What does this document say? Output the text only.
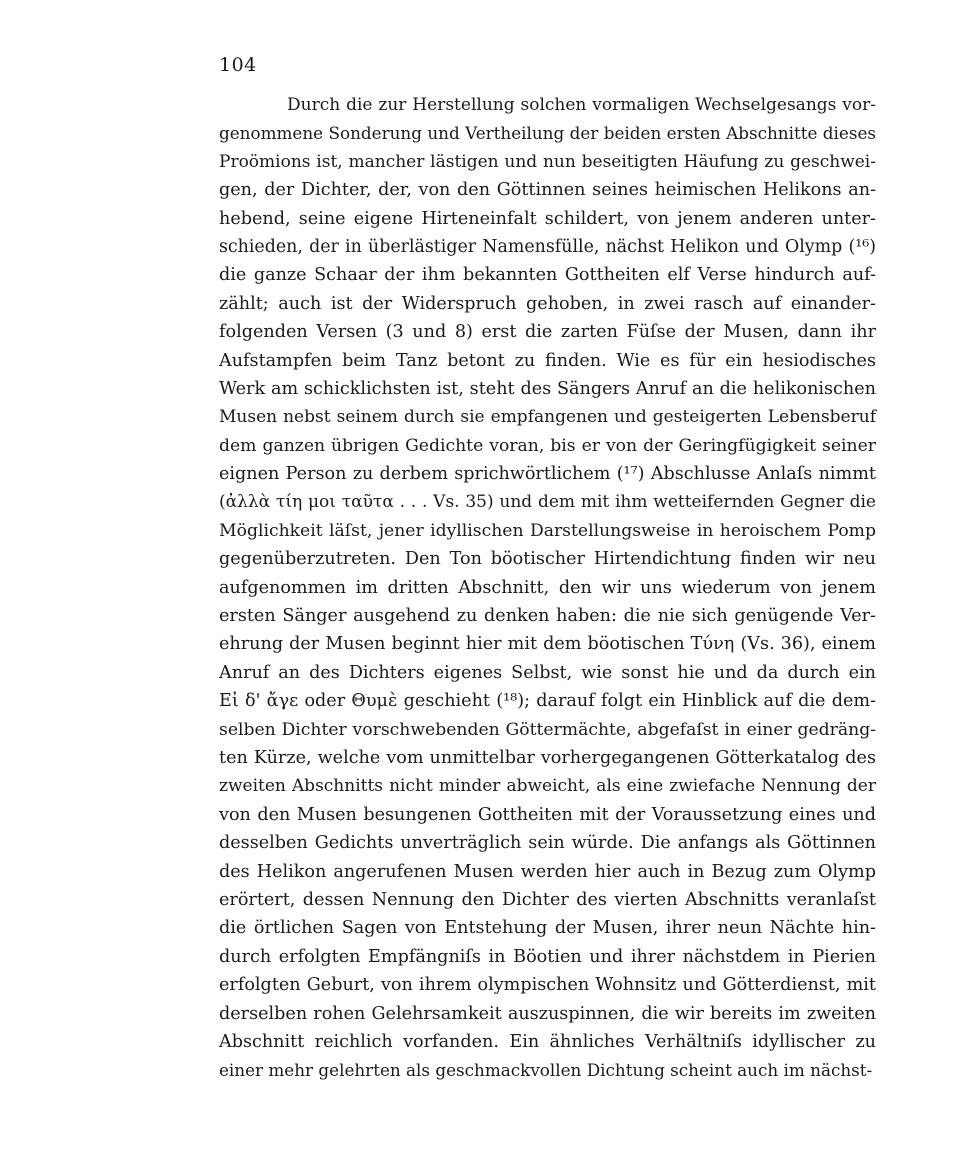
104
Durch die zur Herstellung solchen vormaligen Wechselgesangs vor-
genommene Sonderung und Vertheilung der beiden ersten Abschnitte dieses
Proömions ist, mancher lästigen und nun beseitigten Häufung zu geschwei-
gen, der Dichter, der, von den Göttinnen seines heimischen Helikons an-
hebend, seine eigene Hirteneinfalt schildert, von jenem anderen unter-
schieden, der in überlästiger Namensfülle, nächst Helikon und Olymp (¹⁶)
die ganze Schaar der ihm bekannten Gottheiten elf Verse hindurch auf-
zählt; auch ist der Widerspruch gehoben, in zwei rasch auf einander-
folgenden Versen (3 und 8) erst die zarten Füſse der Musen, dann ihr
Aufstampfen beim Tanz betont zu finden. Wie es für ein hesiodisches
Werk am schicklichsten ist, steht des Sängers Anruf an die helikonischen
Musen nebst seinem durch sie empfangenen und gesteigerten Lebensberuf
dem ganzen übrigen Gedichte voran, bis er von der Geringfügigkeit seiner
eignen Person zu derbem sprichwörtlichem (¹⁷) Abschlusse Anlaſs nimmt
(ἀλλὰ τίη μοι ταῦτα . . . Vs. 35) und dem mit ihm wetteifernden Gegner die
Möglichkeit läſst, jener idyllischen Darstellungsweise in heroischem Pomp
gegenüberzutreten. Den Ton böotischer Hirtendichtung finden wir neu
aufgenommen im dritten Abschnitt, den wir uns wiederum von jenem
ersten Sänger ausgehend zu denken haben: die nie sich genügende Ver-
ehrung der Musen beginnt hier mit dem böotischen Τύνη (Vs. 36), einem
Anruf an des Dichters eigenes Selbst, wie sonst hie und da durch ein
Εἰ δ' ἄγε oder Θυμὲ geschieht (¹⁸); darauf folgt ein Hinblick auf die dem-
selben Dichter vorschwebenden Göttermächte, abgefaſst in einer gedräng-
ten Kürze, welche vom unmittelbar vorhergegangenen Götterkatalog des
zweiten Abschnitts nicht minder abweicht, als eine zwiefache Nennung der
von den Musen besungenen Gottheiten mit der Voraussetzung eines und
desselben Gedichts unverträglich sein würde. Die anfangs als Göttinnen
des Helikon angerufenen Musen werden hier auch in Bezug zum Olymp
erörtert, dessen Nennung den Dichter des vierten Abschnitts veranlaſst
die örtlichen Sagen von Entstehung der Musen, ihrer neun Nächte hin-
durch erfolgten Empfängniſs in Böotien und ihrer nächstdem in Pierien
erfolgten Geburt, von ihrem olympischen Wohnsitz und Götterdienst, mit
derselben rohen Gelehrsamkeit auszuspinnen, die wir bereits im zweiten
Abschnitt reichlich vorfanden. Ein ähnliches Verhältniſs idyllischer zu
einer mehr gelehrten als geschmackvollen Dichtung scheint auch im nächst-
